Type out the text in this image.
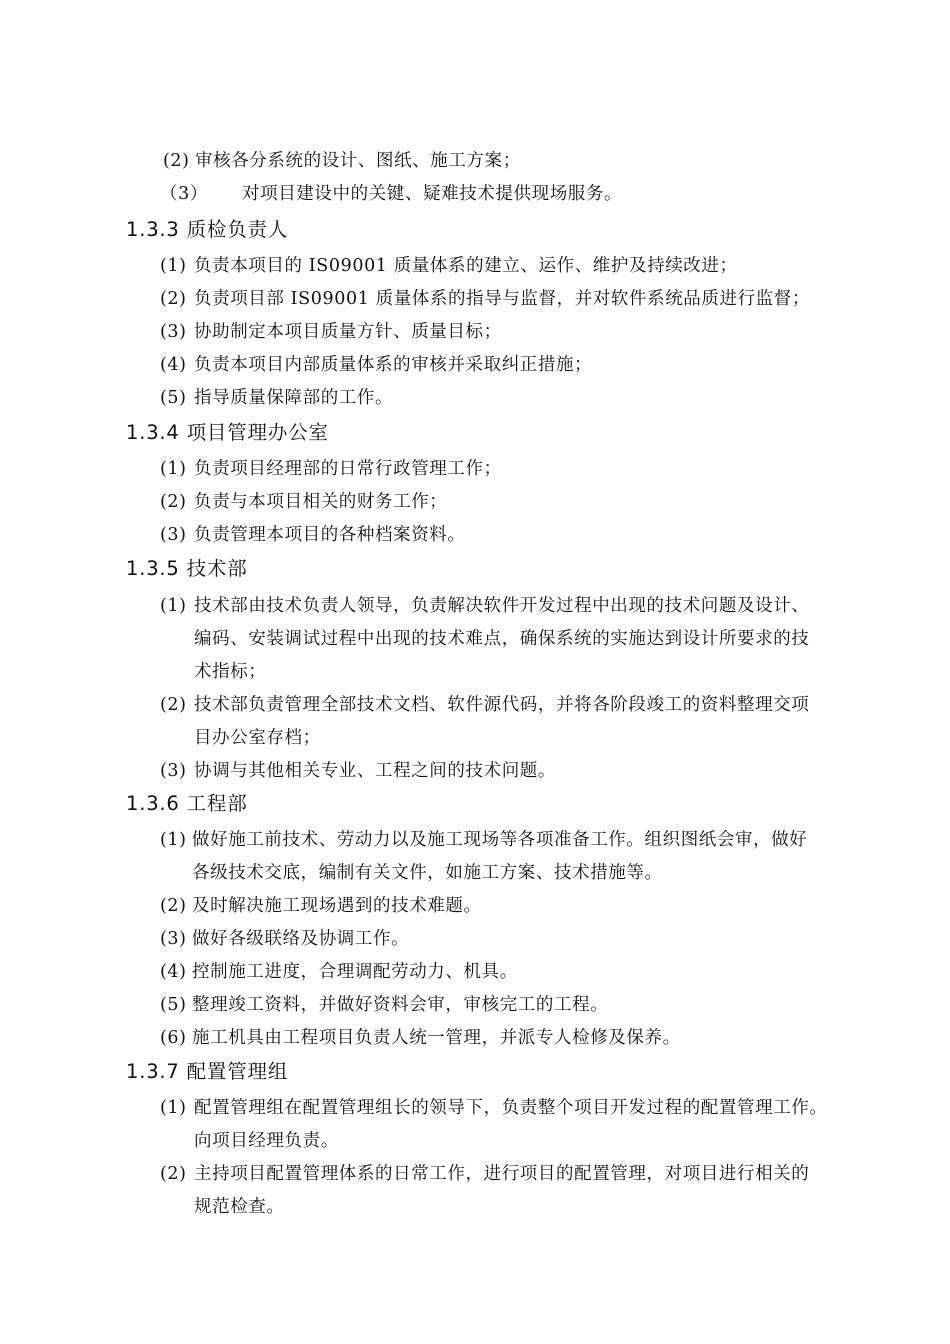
(2) 审核各分系统的设计、图纸、施工方案；
（3） 对项目建设中的关键、疑难技术提供现场服务。
1.3.3 质检负责人
(1) 负责本项目的 IS09001 质量体系的建立、运作、维护及持续改进；
(2) 负责项目部 IS09001 质量体系的指导与监督，并对软件系统品质进行监督；
(3) 协助制定本项目质量方针、质量目标；
(4) 负责本项目内部质量体系的审核并采取纠正措施；
(5) 指导质量保障部的工作。
1.3.4 项目管理办公室
(1) 负责项目经理部的日常行政管理工作；
(2) 负责与本项目相关的财务工作；
(3) 负责管理本项目的各种档案资料。
1.3.5 技术部
(1) 技术部由技术负责人领导，负责解决软件开发过程中出现的技术问题及设计、
编码、安装调试过程中出现的技术难点，确保系统的实施达到设计所要求的技
术指标；
(2) 技术部负责管理全部技术文档、软件源代码，并将各阶段竣工的资料整理交项
目办公室存档；
(3) 协调与其他相关专业、工程之间的技术问题。
1.3.6 工程部
(1) 做好施工前技术、劳动力以及施工现场等各项准备工作。组织图纸会审，做好
各级技术交底，编制有关文件，如施工方案、技术措施等。
(2) 及时解决施工现场遇到的技术难题。
(3) 做好各级联络及协调工作。
(4) 控制施工进度，合理调配劳动力、机具。
(5) 整理竣工资料，并做好资料会审，审核完工的工程。
(6) 施工机具由工程项目负责人统一管理，并派专人检修及保养。
1.3.7 配置管理组
(1) 配置管理组在配置管理组长的领导下，负责整个项目开发过程的配置管理工作。
向项目经理负责。
(2) 主持项目配置管理体系的日常工作，进行项目的配置管理，对项目进行相关的
规范检查。
